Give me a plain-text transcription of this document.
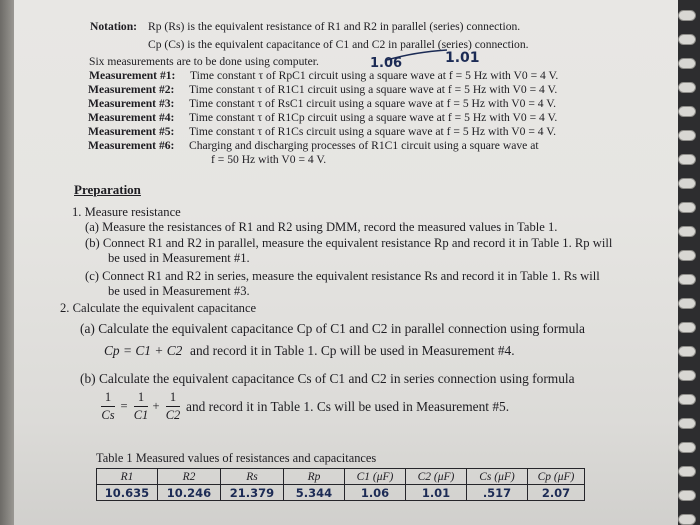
Notation: Rp (Rs) is the equivalent resistance of R1 and R2 in parallel (series) connection.
Cp (Cs) is the equivalent capacitance of C1 and C2 in parallel (series) connection.
Six measurements are to be done using computer.	1.06	1.01
Measurement #1: Time constant τ of RpC1 circuit using a square wave at f = 5 Hz with V0 = 4 V.
Measurement #2: Time constant τ of R1C1 circuit using a square wave at f = 5 Hz with V0 = 4 V.
Measurement #3: Time constant τ of RsC1 circuit using a square wave at f = 5 Hz with V0 = 4 V.
Measurement #4: Time constant τ of R1Cp circuit using a square wave at f = 5 Hz with V0 = 4 V.
Measurement #5: Time constant τ of R1Cs circuit using a square wave at f = 5 Hz with V0 = 4 V.
Measurement #6: Charging and discharging processes of R1C1 circuit using a square wave at
f = 50 Hz with V0 = 4 V.
Preparation
1. Measure resistance
(a) Measure the resistances of R1 and R2 using DMM, record the measured values in Table 1.
(b) Connect R1 and R2 in parallel, measure the equivalent resistance Rp and record it in Table 1. Rp will
be used in Measurement #1.
(c) Connect R1 and R2 in series, measure the equivalent resistance Rs and record it in Table 1. Rs will
be used in Measurement #3.
2. Calculate the equivalent capacitance
(a) Calculate the equivalent capacitance Cp of C1 and C2 in parallel connection using formula
Cp = C1 + C2 and record it in Table 1. Cp will be used in Measurement #4.
(b) Calculate the equivalent capacitance Cs of C1 and C2 in series connection using formula
1
Cs
=
1
C1
+
1
C2
and record it in Table 1. Cs will be used in Measurement #5.
Table 1 Measured values of resistances and capacitances
R1	R2	Rs	Rp	C1 (μF)	C2 (μF)	Cs (μF)	Cp (μF)
10.635	10.246	21.379	5.344	1.06	1.01	.517	2.07
